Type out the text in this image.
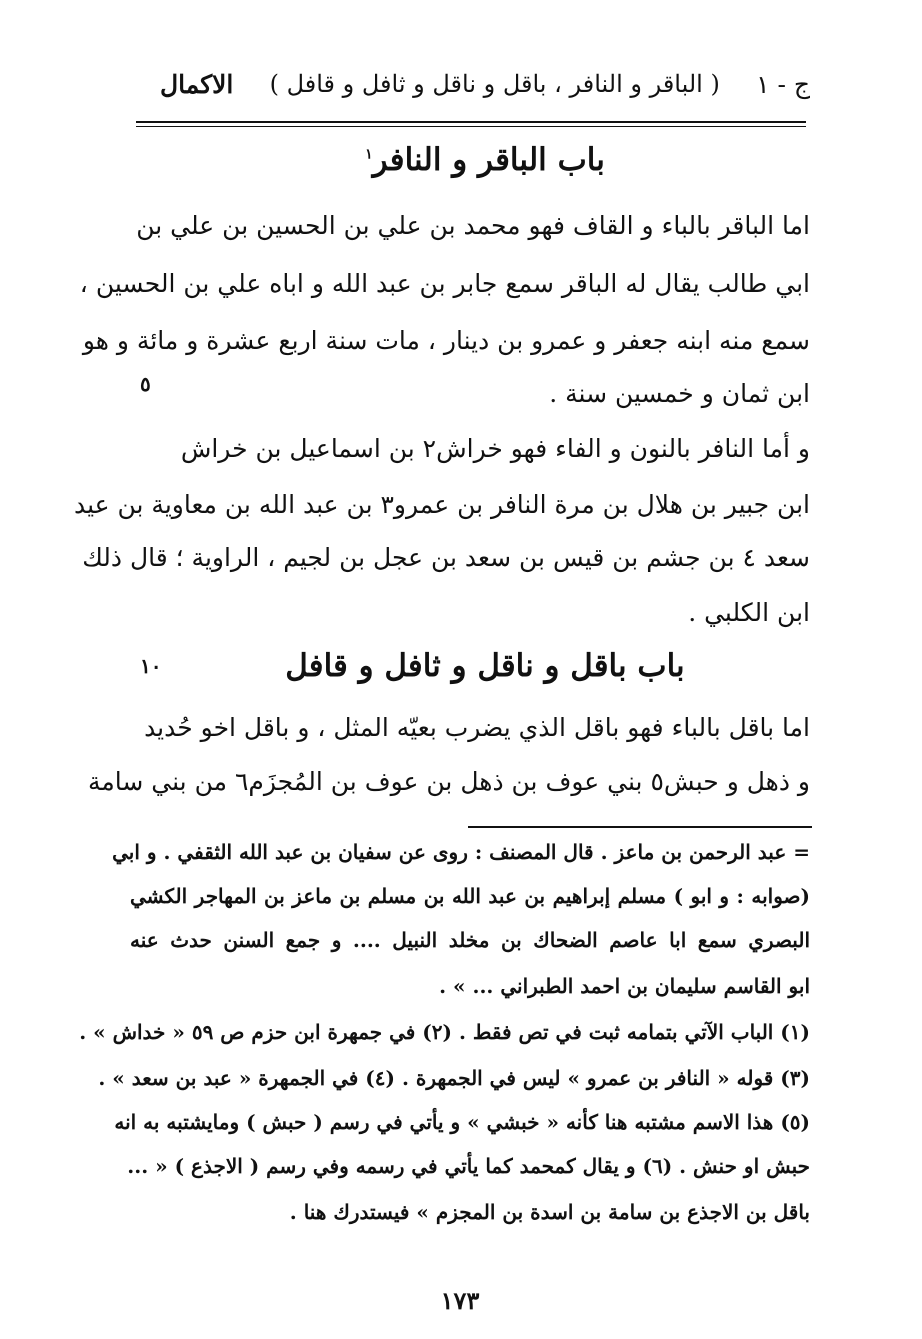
الاكمال ( الباقر و النافر ، باقل و ناقل و ثافل و قافل ) ج - ١
باب الباقر و النافر$^١$
اما الباقر بالباء و القاف فهو محمد بن علي بن الحسين بن علي بن
ابي طالب يقال له الباقر سمع جابر بن عبد الله و اباه علي بن الحسين ،
سمع منه ابنه جعفر و عمرو بن دينار ، مات سنة اربع عشرة و مائة و هو
ابن ثمان و خمسين سنة .
٥
و أما النافر بالنون و الفاء فهو خراش٢ بن اسماعيل بن خراش
ابن جبير بن هلال بن مرة النافر بن عمرو٣ بن عبد الله بن معاوية بن عيد
سعد ٤ بن جشم بن قيس بن سعد بن عجل بن لجيم ، الراوية ؛ قال ذلك
ابن الكلبي .
باب باقل و ناقل و ثافل و قافل
١٠
اما باقل بالباء فهو باقل الذي يضرب بعيّه المثل ، و باقل اخو حُديد
و ذهل و حبش٥ بني عوف بن ذهل بن عوف بن المُجزَم٦ من بني سامة
= عبد الرحمن بن ماعز . قال المصنف : روى عن سفيان بن عبد الله الثقفي . و ابي
(صوابه : و ابو ) مسلم إبراهيم بن عبد الله بن مسلم بن ماعز بن المهاجر الكشي
البصري سمع ابا عاصم الضحاك بن مخلد النبيل .... و جمع السنن حدث عنه
ابو القاسم سليمان بن احمد الطبراني ... » .
(١) الباب الآتي بتمامه ثبت في تص فقط . (٢) في جمهرة ابن حزم ص ٥٩ « خداش » .
(٣) قوله « النافر بن عمرو » ليس في الجمهرة . (٤) في الجمهرة « عبد بن سعد » .
(٥) هذا الاسم مشتبه هنا كأنه « خبشي » و يأتي في رسم ( حبش ) ومايشتبه به انه
حبش او حنش . (٦) و يقال كمحمد كما يأتي في رسمه وفي رسم ( الاجذع ) « ...
باقل بن الاجذع بن سامة بن اسدة بن المجزم » فيستدرك هنا .
١٧٣
